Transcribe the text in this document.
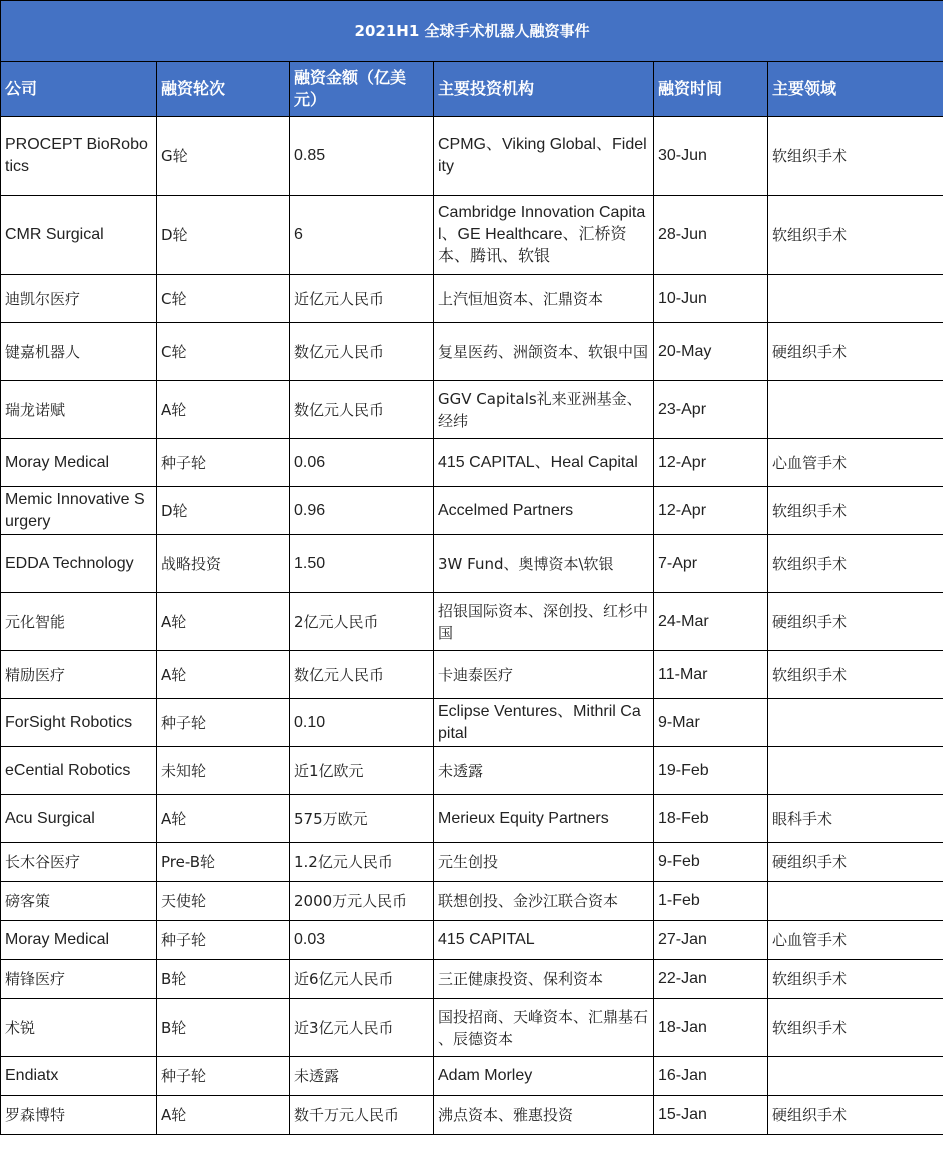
2021H1 全球手术机器人融资事件					
公司	融资轮次	融资金额（亿美元）	主要投资机构	融资时间	主要领域
PROCEPT BioRobotics	G轮	0.85	CPMG、Viking Global、Fidelity	30-Jun	软组织手术
CMR Surgical	D轮	6	Cambridge Innovation Capital、GE Healthcare、汇桥资本、腾讯、软银	28-Jun	软组织手术
迪凯尔医疗	C轮	近亿元人民币	上汽恒旭资本、汇鼎资本	10-Jun	
键嘉机器人	C轮	数亿元人民币	复星医药、洲颌资本、软银中国	20-May	硬组织手术
瑞龙诺赋	A轮	数亿元人民币	GGV Capitals礼来亚洲基金、经纬	23-Apr	
Moray Medical	种子轮	0.06	415 CAPITAL、Heal Capital	12-Apr	心血管手术
Memic Innovative Surgery	D轮	0.96	Accelmed Partners	12-Apr	软组织手术
EDDA Technology	战略投资	1.50	3W Fund、奥博资本\软银	7-Apr	软组织手术
元化智能	A轮	2亿元人民币	招银国际资本、深创投、红杉中国	24-Mar	硬组织手术
精励医疗	A轮	数亿元人民币	卡迪泰医疗	11-Mar	软组织手术
ForSight Robotics	种子轮	0.10	Eclipse Ventures、Mithril Capital	9-Mar	
eCential Robotics	未知轮	近1亿欧元	未透露	19-Feb	
Acu Surgical	A轮	575万欧元	Merieux Equity Partners	18-Feb	眼科手术
长木谷医疗	Pre-B轮	1.2亿元人民币	元生创投	9-Feb	硬组织手术
磅客策	天使轮	2000万元人民币	联想创投、金沙江联合资本	1-Feb	
Moray Medical	种子轮	0.03	415 CAPITAL	27-Jan	心血管手术
精锋医疗	B轮	近6亿元人民币	三正健康投资、保利资本	22-Jan	软组织手术
术锐	B轮	近3亿元人民币	国投招商、天峰资本、汇鼎基石 、辰德资本	18-Jan	软组织手术
Endiatx	种子轮	未透露	Adam Morley	16-Jan	
罗森博特	A轮	数千万元人民币	沸点资本、雅惠投资	15-Jan	硬组织手术
